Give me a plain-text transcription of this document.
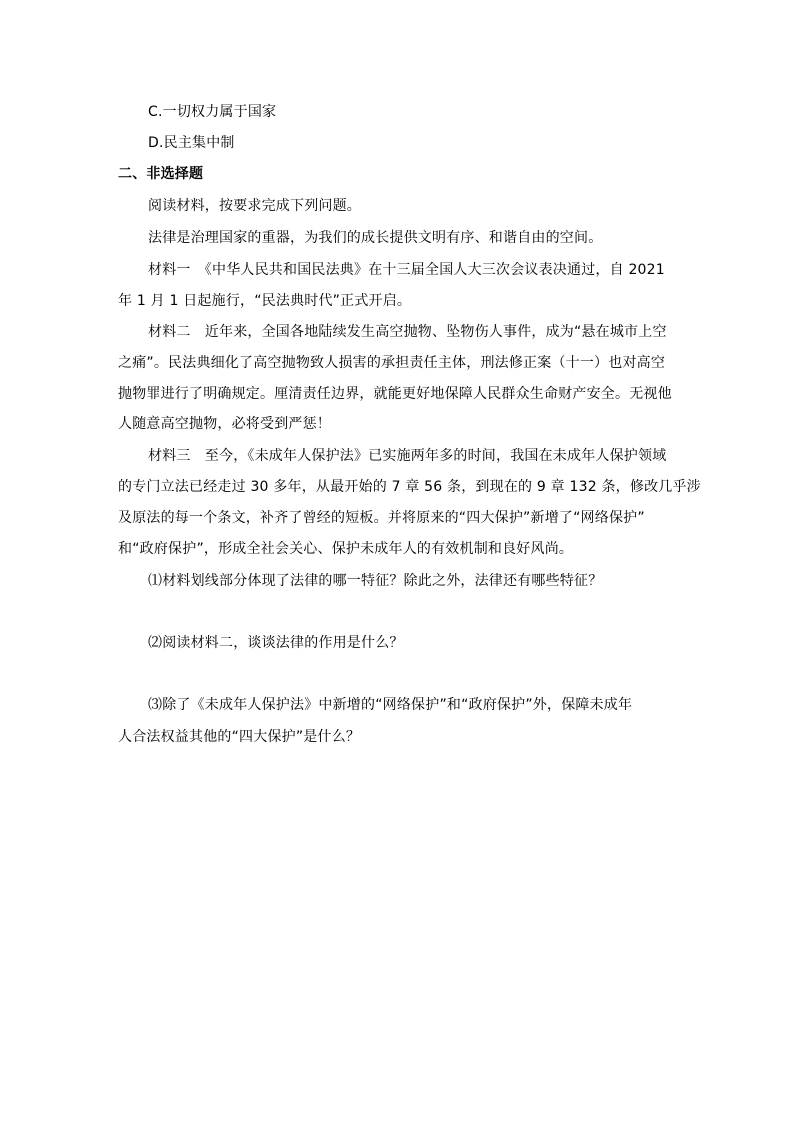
C.一切权力属于国家
D.民主集中制
二、非选择题
阅读材料，按要求完成下列问题。
法律是治理国家的重器，为我们的成长提供文明有序、和谐自由的空间。
材料一　《中华人民共和国民法典》在十三届全国人大三次会议表决通过，自 2021
年 1 月 1 日起施行，“民法典时代”正式开启。
材料二　近年来，全国各地陆续发生高空抛物、坠物伤人事件，成为“悬在城市上空
之痛”。民法典细化了高空抛物致人损害的承担责任主体，刑法修正案（十一）也对高空
抛物罪进行了明确规定。厘清责任边界，就能更好地保障人民群众生命财产安全。无视他
人随意高空抛物，必将受到严惩！
材料三　至今，《未成年人保护法》已实施两年多的时间，我国在未成年人保护领域
的专门立法已经走过 30 多年，从最开始的 7 章 56 条，到现在的 9 章 132 条，修改几乎涉
及原法的每一个条文，补齐了曾经的短板。并将原来的“四大保护”新增了“网络保护”
和“政府保护”，形成全社会关心、保护未成年人的有效机制和良好风尚。
⑴材料划线部分体现了法律的哪一特征？除此之外，法律还有哪些特征？
⑵阅读材料二，谈谈法律的作用是什么？
⑶除了《未成年人保护法》中新增的“网络保护”和“政府保护”外，保障未成年
人合法权益其他的“四大保护”是什么？
